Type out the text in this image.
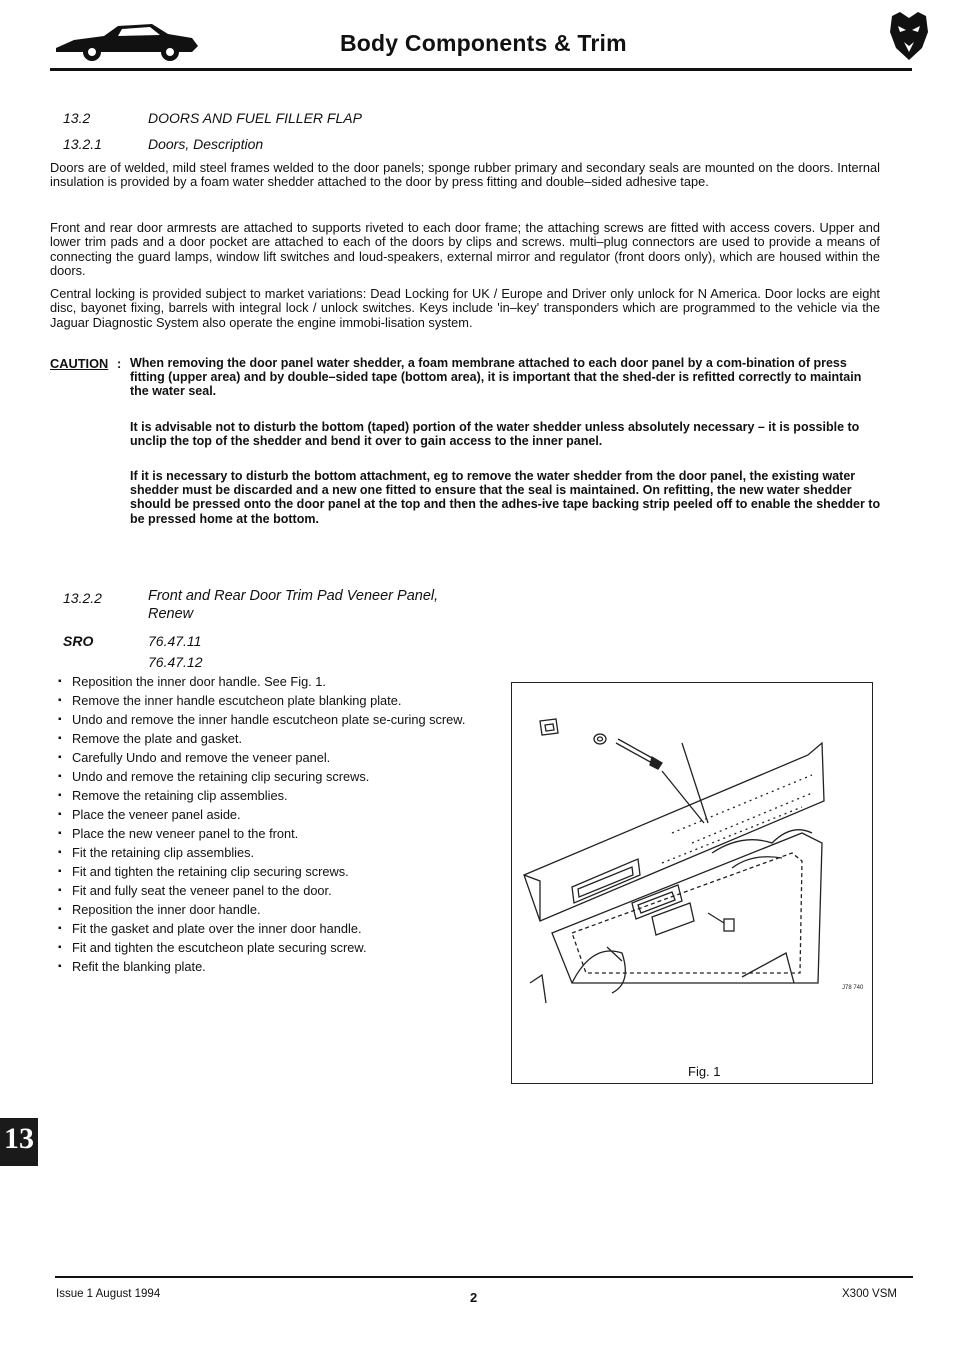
Body Components & Trim
13.2	DOORS AND FUEL FILLER FLAP
13.2.1	Doors, Description
Doors are of welded, mild steel frames welded to the door panels; sponge rubber primary and secondary seals are mounted on the doors. Internal insulation is provided by a foam water shedder attached to the door by press fitting and double–sided adhesive tape.
Front and rear door armrests are attached to supports riveted to each door frame; the attaching screws are fitted with access covers. Upper and lower trim pads and a door pocket are attached to each of the doors by clips and screws. multi–plug connectors are used to provide a means of connecting the guard lamps, window lift switches and loud-speakers, external mirror and regulator (front doors only), which are housed within the doors.
Central locking is provided subject to market variations: Dead Locking for UK / Europe and Driver only unlock for N America. Door locks are eight disc, bayonet fixing, barrels with integral lock / unlock switches. Keys include 'in–key' transponders which are programmed to the vehicle via the Jaguar Diagnostic System also operate the engine immobi-lisation system.
CAUTION : When removing the door panel water shedder, a foam membrane attached to each door panel by a com-bination of press fitting (upper area) and by double–sided tape (bottom area), it is important that the shed-der is refitted correctly to maintain the water seal.
It is advisable not to disturb the bottom (taped) portion of the water shedder unless absolutely necessary – it is possible to unclip the top of the shedder and bend it over to gain access to the inner panel.
If it is necessary to disturb the bottom attachment, eg to remove the water shedder from the door panel, the existing water shedder must be discarded and a new one fitted to ensure that the seal is maintained. On refitting, the new water shedder should be pressed onto the door panel at the top and then the adhes-ive tape backing strip peeled off to enable the shedder to be pressed home at the bottom.
13.2.2	Front and Rear Door Trim Pad Veneer Panel,
Renew
SRO	76.47.11
76.47.12
▪ Reposition the inner door handle. See Fig. 1.
▪ Remove the inner handle escutcheon plate blanking plate.
▪ Undo and remove the inner handle escutcheon plate se-curing screw.
▪ Remove the plate and gasket.
▪ Carefully Undo and remove the veneer panel.
▪ Undo and remove the retaining clip securing screws.
▪ Remove the retaining clip assemblies.
▪ Place the veneer panel aside.
▪ Place the new veneer panel to the front.
▪ Fit the retaining clip assemblies.
▪ Fit and tighten the retaining clip securing screws.
▪ Fit and fully seat the veneer panel to the door.
▪ Reposition the inner door handle.
▪ Fit the gasket and plate over the inner door handle.
▪ Fit and tighten the escutcheon plate securing screw.
▪ Refit the blanking plate.
J78 740
Fig. 1
13
Issue 1 August 1994	2	X300 VSM
